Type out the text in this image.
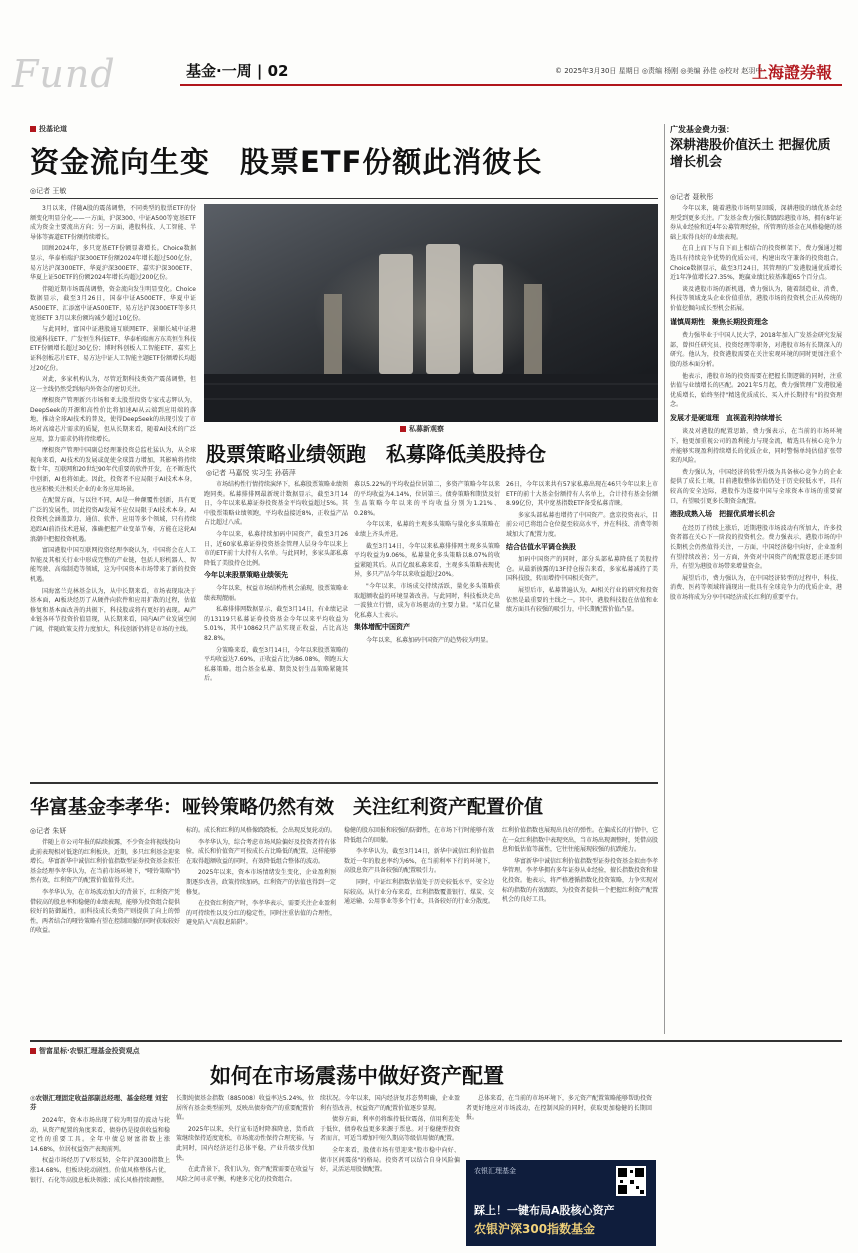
Fund	基金·一周 | 02	© 2025年3月30日 星期日 ◎责编 杨刚 ◎美编 孙佳 ◎校对 赵羽中
上海證券報
投基论道
资金流向生变　股票ETF份额此消彼长
◎记者 王敏

3月以来，伴随A股的震荡调整，不同类型的股票ETF的份额变化明显分化——一方面，沪深300、中证A500等宽基ETF成为资金主要流出方向；另一方面，港股科技、人工智能、半导体等赛道ETF份额持续增长。

回顾2024年，多只宽基ETF份额显著增长。Choice数据显示，华泰柏瑞沪深300ETF份额2024年增长超过500亿份，易方达沪深300ETF、华夏沪深300ETF、嘉实沪深300ETF、华夏上证50ETF的份额2024年增长均超过200亿份。

伴随近期市场震荡调整，资金流向发生明显变化。Choice数据显示，截至3月26日，国泰中证A500ETF、华夏中证A500ETF、汇添富中证A500ETF、易方达沪深300ETF等多只宽基ETF 3月以来份额均减少超过10亿份。

与此同时，富国中证港股通互联网ETF、景顺长城中证港股通科技ETF、广发恒生科技ETF、华泰柏瑞南方东英恒生科技ETF份额增长超过30亿份；博时科创板人工智能ETF、嘉实上证科创板芯片ETF、易方达中证人工智能主题ETF份额增长均超过20亿份。

对此，多家机构认为，尽管近期科技类资产震荡调整，但这一主线仍然受到海内外资金的密切关注。

摩根资产管理新兴市场和亚太股票投资专家戎志辉认为，DeepSeek的开源和高性价比将加速AI从云端到应用端的落地，推动全球AI技术的普及，使得DeepSeek的出现引发了市场对高端芯片需求的质疑，但从长期来看，随着AI技术的广泛应用，算力需求仍将持续增长。

摩根资产管理中国副总经理兼投资总监杜猛认为，从全球视角来看，AI技术的发展或促使全球算力增加，其影响将持续数十年，互联网和20世纪90年代重要的软件开发，在不断迭代中创新，AI也将如此。因此，投资者不应局限于AI技术本身，也应积极关注相关企业的业务应用场景。

在配置方面，与以往不同，AI是一种颠覆性创新，具有更广泛的发展性，因此投资AI发展不应仅局限于AI技术本身。AI投资机会涵盖算力、通信、软件、应用等多个领域，只有持续追踪AI前沿技术进展，准确把握产业变革节奏，方能在这轮AI浪潮中把握投资机遇。

富国港股中国互联网投资经理李晓认为，中国将会在人工智能及其相关行业中形成完整的产业链，包括人形机器人、智能驾驶、高端制造等领域，这为中国资本市场带来了新的投资机遇。

国海富兰克林基金认为，从中长期来看，市场表现取决于基本面，AI板块经历了从硬件向软件和应用扩散的过程，估值修复和基本面改善的共振下，科技股或将有更好的表现。AI产业链各环节投资价值显现，从长期来看，国内AI产业发展空间广阔，伴随政策支持力度加大，科技创新仍将是市场的主线。

广发基金费力强：
深耕港股价值沃土 把握优质增长机会
◎记者 聂秋彤

今年以来，随着港股市场明显回暖，深耕港股的绩优基金经理受到更多关注。广发基金费力强长期跟踪港股市场，拥有8年证券从业经验和近4年公募管理经验，所管理的基金在风格稳健的基础上取得良好的业绩表现。

在自上而下与自下而上相结合的投资框架下，费力强通过精选具有持续竞争优势的优质公司，构建出攻守兼备的投资组合。Choice数据显示，截至3月24日，其管理的广发港股通优质增长近1年净值增长27.35%，跑赢业绩比较基准超65个百分点。

谈及港股市场的新机遇，费力强认为，随着制造业、消费、科技等领域龙头企业价值重估，港股市场的投资机会正从传统的价值挖掘向成长型机会拓展。

谨慎周期性　聚焦长期投资理念

费力强毕业于中国人民大学，2018年加入广发基金研究发展部，曾担任研究员、投资经理等职务，对港股市场有长期深入的研究。他认为，投资港股需要在关注宏观环境的同时更加注重个股的基本面分析。

他表示，港股市场的投资需要在把握长期逻辑的同时，注重估值与业绩增长的匹配。2021年5月起，费力强管理广发港股通优质增长，始终坚持"精选优质成长、买入并长期持有"的投资理念。

发展才是硬道理　直视盈利持续增长

谈及对港股的配置思路，费力强表示，在当前的市场环境下，他更加重视公司的盈利能力与现金流，精选具有核心竞争力并能够实现盈利持续增长的优质企业，同时警惕单纯估值扩张带来的风险。

费力强认为，中国经济的转型升级为具备核心竞争力的企业提供了成长土壤，目前港股整体估值仍处于历史较低水平，具有较高的安全边际，港股作为连接中国与全球资本市场的重要窗口，有望吸引更多长期资金配置。

港股成熟入场　把握优质增长机会

在经历了持续上涨后，近期港股市场波动有所加大，许多投资者都在关心下一阶段的投资机会。费力强表示，港股市场的中长期机会仍然值得关注，一方面，中国经济稳中向好，企业盈利有望持续改善；另一方面，外资对中国资产的配置意愿正逐步回升，有望为港股市场带来增量资金。

展望后市，费力强认为，在中国经济转型的过程中，科技、消费、医药等领域将涌现出一批具有全球竞争力的优质企业，港股市场将成为分享中国经济成长红利的重要平台。

私募新观察
股票策略业绩领跑　私募降低美股持仓
◎记者 马嘉悦 实习生 孙蓓萍

市场结构性行情持续演绎下，私募股票策略业绩领跑同类。私募排排网最新统计数据显示，截至3月14日，今年以来私募证券投资基金平均收益超过5%。其中股票策略业绩领跑，平均收益接近8%，正收益产品占比超过八成。

今年以来，私募持续加码中国资产，截至3月26日，近60家私募证券投资基金管理人层身今年以来上市的ETF前十大持有人名单。与此同时，多家头部私募降低了美股持仓比例。

今年以来股票策略业绩领先

今年以来，权益市场结构性机会涌现，股票策略业绩表现靓丽。

私募排排网数据显示，截至3月14日，有业绩记录的13119只私募证券投资基金今年以来平均收益为5.01%，其中10862只产品实现正收益，占比高达82.8%。

分策略来看，截至3月14日，今年以来股票策略的平均收益达7.69%，正收益占比为86.08%，领跑五大私募策略。组合基金私募、期货及衍生品策略紧随其后。

募以5.22%的平均收益位居第二，多资产策略今年以来的平均收益为4.14%，位居第三。债券策略和期货及衍生品策略今年以来的平均收益分别为1.21%、0.28%。

今年以来，私募的主观多头策略与量化多头策略在业绩上齐头并进。

截至3月14日，今年以来私募排排网主观多头策略平均收益为9.06%，私募量化多头策略以8.07%的收益紧随其后。从百亿级私募来看，主观多头策略表现优异，多只产品今年以来收益超过20%。

"今年以来，市场成交持续活跃，量化多头策略获取超额收益的环境显著改善。与此同时，科技板块走出一波独立行情，成为市场驱动的主要力量。"某百亿量化私募人士表示。

集体增配中国资产

今年以来，私募加码中国资产的趋势较为明显。

26日，今年以来共有57家私募出现在46只今年以来上市ETF的前十大基金份额持有人名单上，合计持有基金份额8.99亿份，其中宽基指数ETF备受私募青睐。

多家头部私募也增持了中国资产。盘京投资表示，目前公司已将组合仓位提至较高水平，并在科技、消费等领域加大了配置力度。

结合估值水平调仓换股

加码中国资产的同时，部分头部私募降低了美股持仓。从最新披露的13F持仓报告来看，多家私募减持了美国科技股，转而增持中国相关资产。

展望后市，私募普遍认为，AI相关行业的研究和投资依然是最重要的主线之一。其中，港股科技股在估值和业绩方面具有较强的吸引力，中长期配置价值凸显。

华富基金李孝华：哑铃策略仍然有效　关注红利资产配置价值
◎记者 朱妍

伴随上市公司年报的陆续披露，不少资金将视线投向此前表现相对低迷的红利板块。近期，多只红利基金迎来增长。华富新华中诚信红利价值指数型证券投资基金拟任基金经理李孝华认为，在当前市场环境下，"哑铃策略"仍然有效，红利资产的配置价值值得关注。

李孝华认为，在市场波动加大的背景下，红利资产凭借较高的股息率和稳健的业绩表现，能够为投资组合提供较好的防御属性，而科技成长类资产则提供了向上的弹性，两者结合的哑铃策略有望在控制回撤的同时获取较好的收益。

标的。成长和红利的风格像跷跷板，会出现反复轮动的。

李孝华认为，综合考虑市场风险偏好及投资者持有体验，成长和价值资产可按成长占比略低的配置，这样能够在取得超额收益的同时，有效降低组合整体的波动。

2025年以来，资本市场情绪发生变化，企业盈利预期逐步改善，政策持续加码，红利资产的估值也得到一定修复。

在投资红利资产时，李孝华表示，需要关注企业盈利的可持续性以及分红的稳定性，同时注重估值的合理性，避免陷入"高股息陷阱"。

稳健的股东回报和较强的防御性，在市场下行时能够有效降低组合的回撤。

李孝华认为，截至3月14日，新华中诚信红利价值指数近一年的股息率约为6%，在当前利率下行的环境下，高股息资产具备较强的配置吸引力。

同时，中证红利指数估值处于历史较低水平，安全边际较高。从行业分布来看，红利指数覆盖银行、煤炭、交通运输、公用事业等多个行业，具备较好的行业分散度。

红利价值指数也展现出良好的弹性。在偏成长的行情中，它在一众红利指数中表现突出，当市场出现调整时，凭借高股息和低估值等属性，它往往能展现较强的抗跌能力。

华富新华中诚信红利价值指数型证券投资基金拟由李孝华管理。李孝华拥有多年证券从业经验，擅长指数投资和量化投资。他表示，将严格遵循指数化投资策略，力争实现对标的指数的有效跟踪，为投资者提供一个把握红利资产配置机会的良好工具。

智富星标·农银汇理基金投资观点
如何在市场震荡中做好资产配置
◎农银汇理固定收益部副总经理、基金经理 刘宏芬

2024年，资本市场出现了较为明显的波动与轮动，从资产配置的角度来看，债券仍是提供收益和稳定性的重要工具。全年中债总财富指数上涨14.68%，位居权益资产表现前列。

权益市场经历了V形反转，全年沪深300指数上涨14.68%，但板块轮动剧烈。价值风格整体占优，银行、石化等高股息板块领涨；成长风格持续调整。

长期纯债基金指数（885008）收益率达5.24%，位居所有基金类型前列，反映出债券资产的重要配置价值。

2025年以来，央行宣布适时降准降息，货币政策继续保持适度宽松，市场流动性保持合理充裕。与此同时，国内经济运行总体平稳，产业升级步伐加快。

在此背景下，我们认为，资产配置需要在收益与风险之间寻求平衡，构建多元化的投资组合。

续状况。今年以来，国内经济复苏态势明确，企业盈利有望改善，权益资产的配置价值逐步显现。

债券方面，利率仍将维持低位震荡，信用利差处于低位，债券收益更多来源于票息。对于稳健型投资者而言，可适当增加中短久期高等级信用债的配置。

全年来看，股债市场有望迎来"股市稳中向好、债市区间震荡"的格局。投资者可以结合自身风险偏好，灵活运用股债配置。

总体来看，在当前的市场环境下，多元资产配置策略能够帮助投资者更好地应对市场波动，在控制风险的同时，获取更加稳健的长期回报。

农银汇理基金
踩上！一键布局A股核心资产
农银沪深300指数基金
